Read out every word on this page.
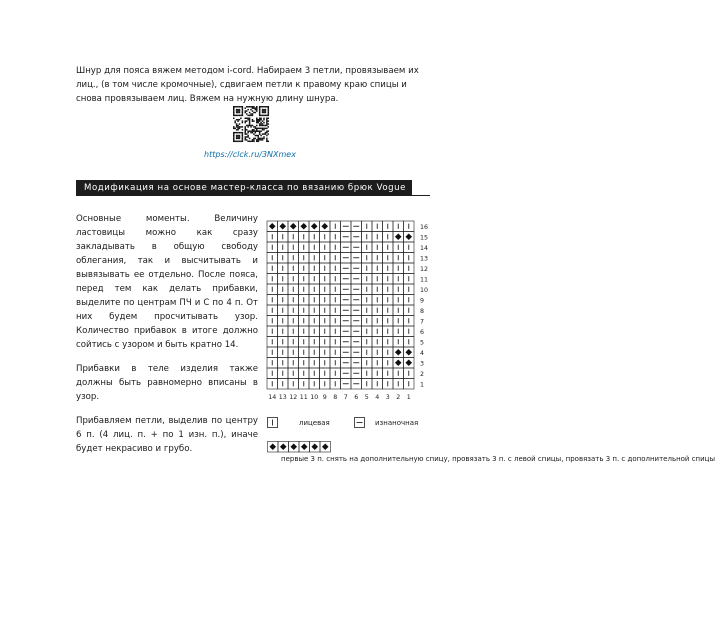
Шнур для пояса вяжем методом i-cord. Набираем 3 петли, провязываем их лиц., (в том числе кромочные), сдвигаем петли к правому краю спицы и снова провязываем лиц. Вяжем на нужную длину шнура.

https://clck.ru/3NXmex
Модификация на основе мастер-класса по вязанию брюк Vogue

Основные моменты. Величину ластовицы можно как сразу закладывать в общую свободу облегания, так и высчитывать и вывязывать ее отдельно. После пояса, перед тем как делать прибавки, выделите по центрам ПЧ и С по 4 п. От них будем просчитывать узор. Количество прибавок в итоге должно сойтись с узором и быть кратно 14.

Прибавки в теле изделия также должны быть равномерно вписаны в узор.

Прибавляем петли, выделив по центру 6 п. (4 лиц. п. + по 1 изн. п.), иначе будет некрасиво и грубо.

1
2
3
4
5
6
7
8
9
10
11
12
13
14
15
16
14 13 12 11 10 9 8 7 6 5 4 3 2 1
лицевая	изнаночная
первые 3 п. снять на дополнительную спицу, провязать 3 п. с левой спицы, провязать 3 п. с дополнительной спицы
